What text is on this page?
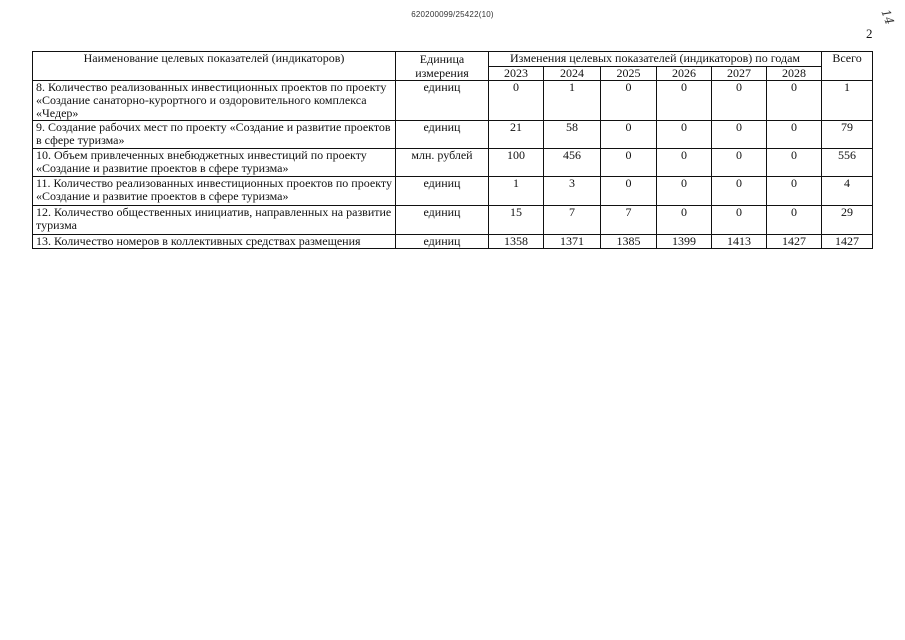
620200099/25422(10)
2
14
Наименование целевых показателей (индикаторов)	Единица измерения	Изменения целевых показателей (индикаторов) по годам						Всего
		2023	2024	2025	2026	2027	2028	
8. Количество реализованных инвестиционных проектов по проекту «Создание санаторно-курортного и оздоровительного комплекса «Чедер»	единиц	0	1	0	0	0	0	1
9. Создание рабочих мест по проекту «Создание и развитие проектов в сфере туризма»	единиц	21	58	0	0	0	0	79
10. Объем привлеченных внебюджетных инвестиций по проекту «Создание и развитие проектов в сфере туризма»	млн. рублей	100	456	0	0	0	0	556
11. Количество реализованных инвестиционных проектов по проекту «Создание и развитие проектов в сфере туризма»	единиц	1	3	0	0	0	0	4
12. Количество общественных инициатив, направленных на развитие туризма	единиц	15	7	7	0	0	0	29
13. Количество номеров в коллективных средствах размещения	единиц	1358	1371	1385	1399	1413	1427	1427
